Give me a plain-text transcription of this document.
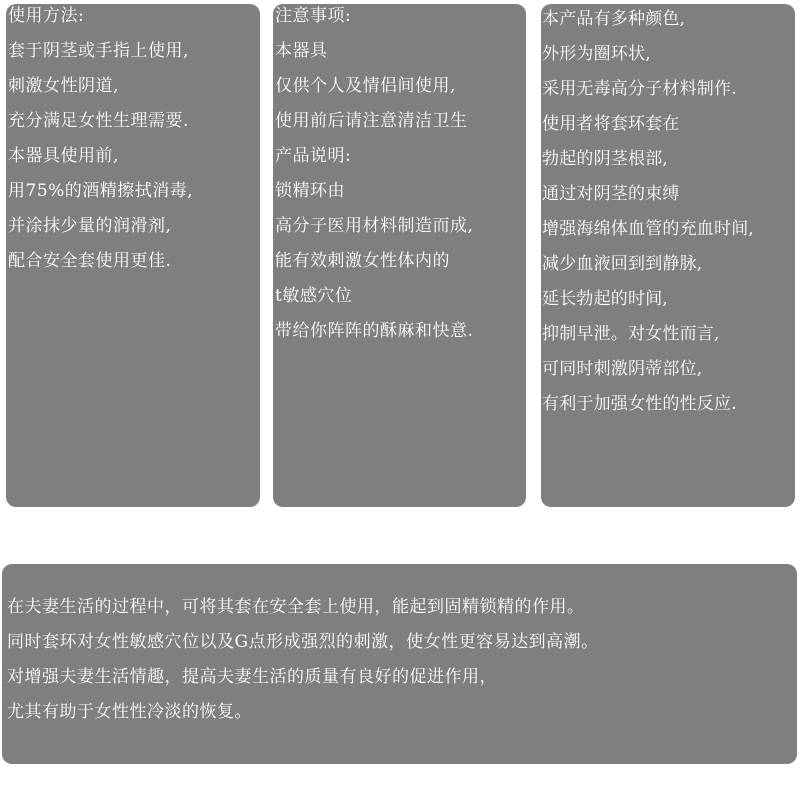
使用方法:
套于阴茎或手指上使用,
刺激女性阴道,
充分满足女性生理需要.
本器具使用前,
用75%的酒精擦拭消毒,
并涂抹少量的润滑剂,
配合安全套使用更佳.
注意事项:
本器具
仅供个人及情侣间使用,
使用前后请注意清洁卫生
产品说明:
锁精环由
高分子医用材料制造而成,
能有效刺激女性体内的
t敏感穴位
带给你阵阵的酥麻和快意.
本产品有多种颜色,
外形为圈环状,
采用无毒高分子材料制作.
使用者将套环套在
勃起的阴茎根部,
通过对阴茎的束缚
增强海绵体血管的充血时间,
减少血液回到到静脉,
延长勃起的时间,
抑制早泄。对女性而言,
可同时刺激阴蒂部位,
有利于加强女性的性反应.
在夫妻生活的过程中，可将其套在安全套上使用，能起到固精锁精的作用。
同时套环对女性敏感穴位以及G点形成强烈的刺激，使女性更容易达到高潮。
对增强夫妻生活情趣，提高夫妻生活的质量有良好的促进作用，
尤其有助于女性性冷淡的恢复。
